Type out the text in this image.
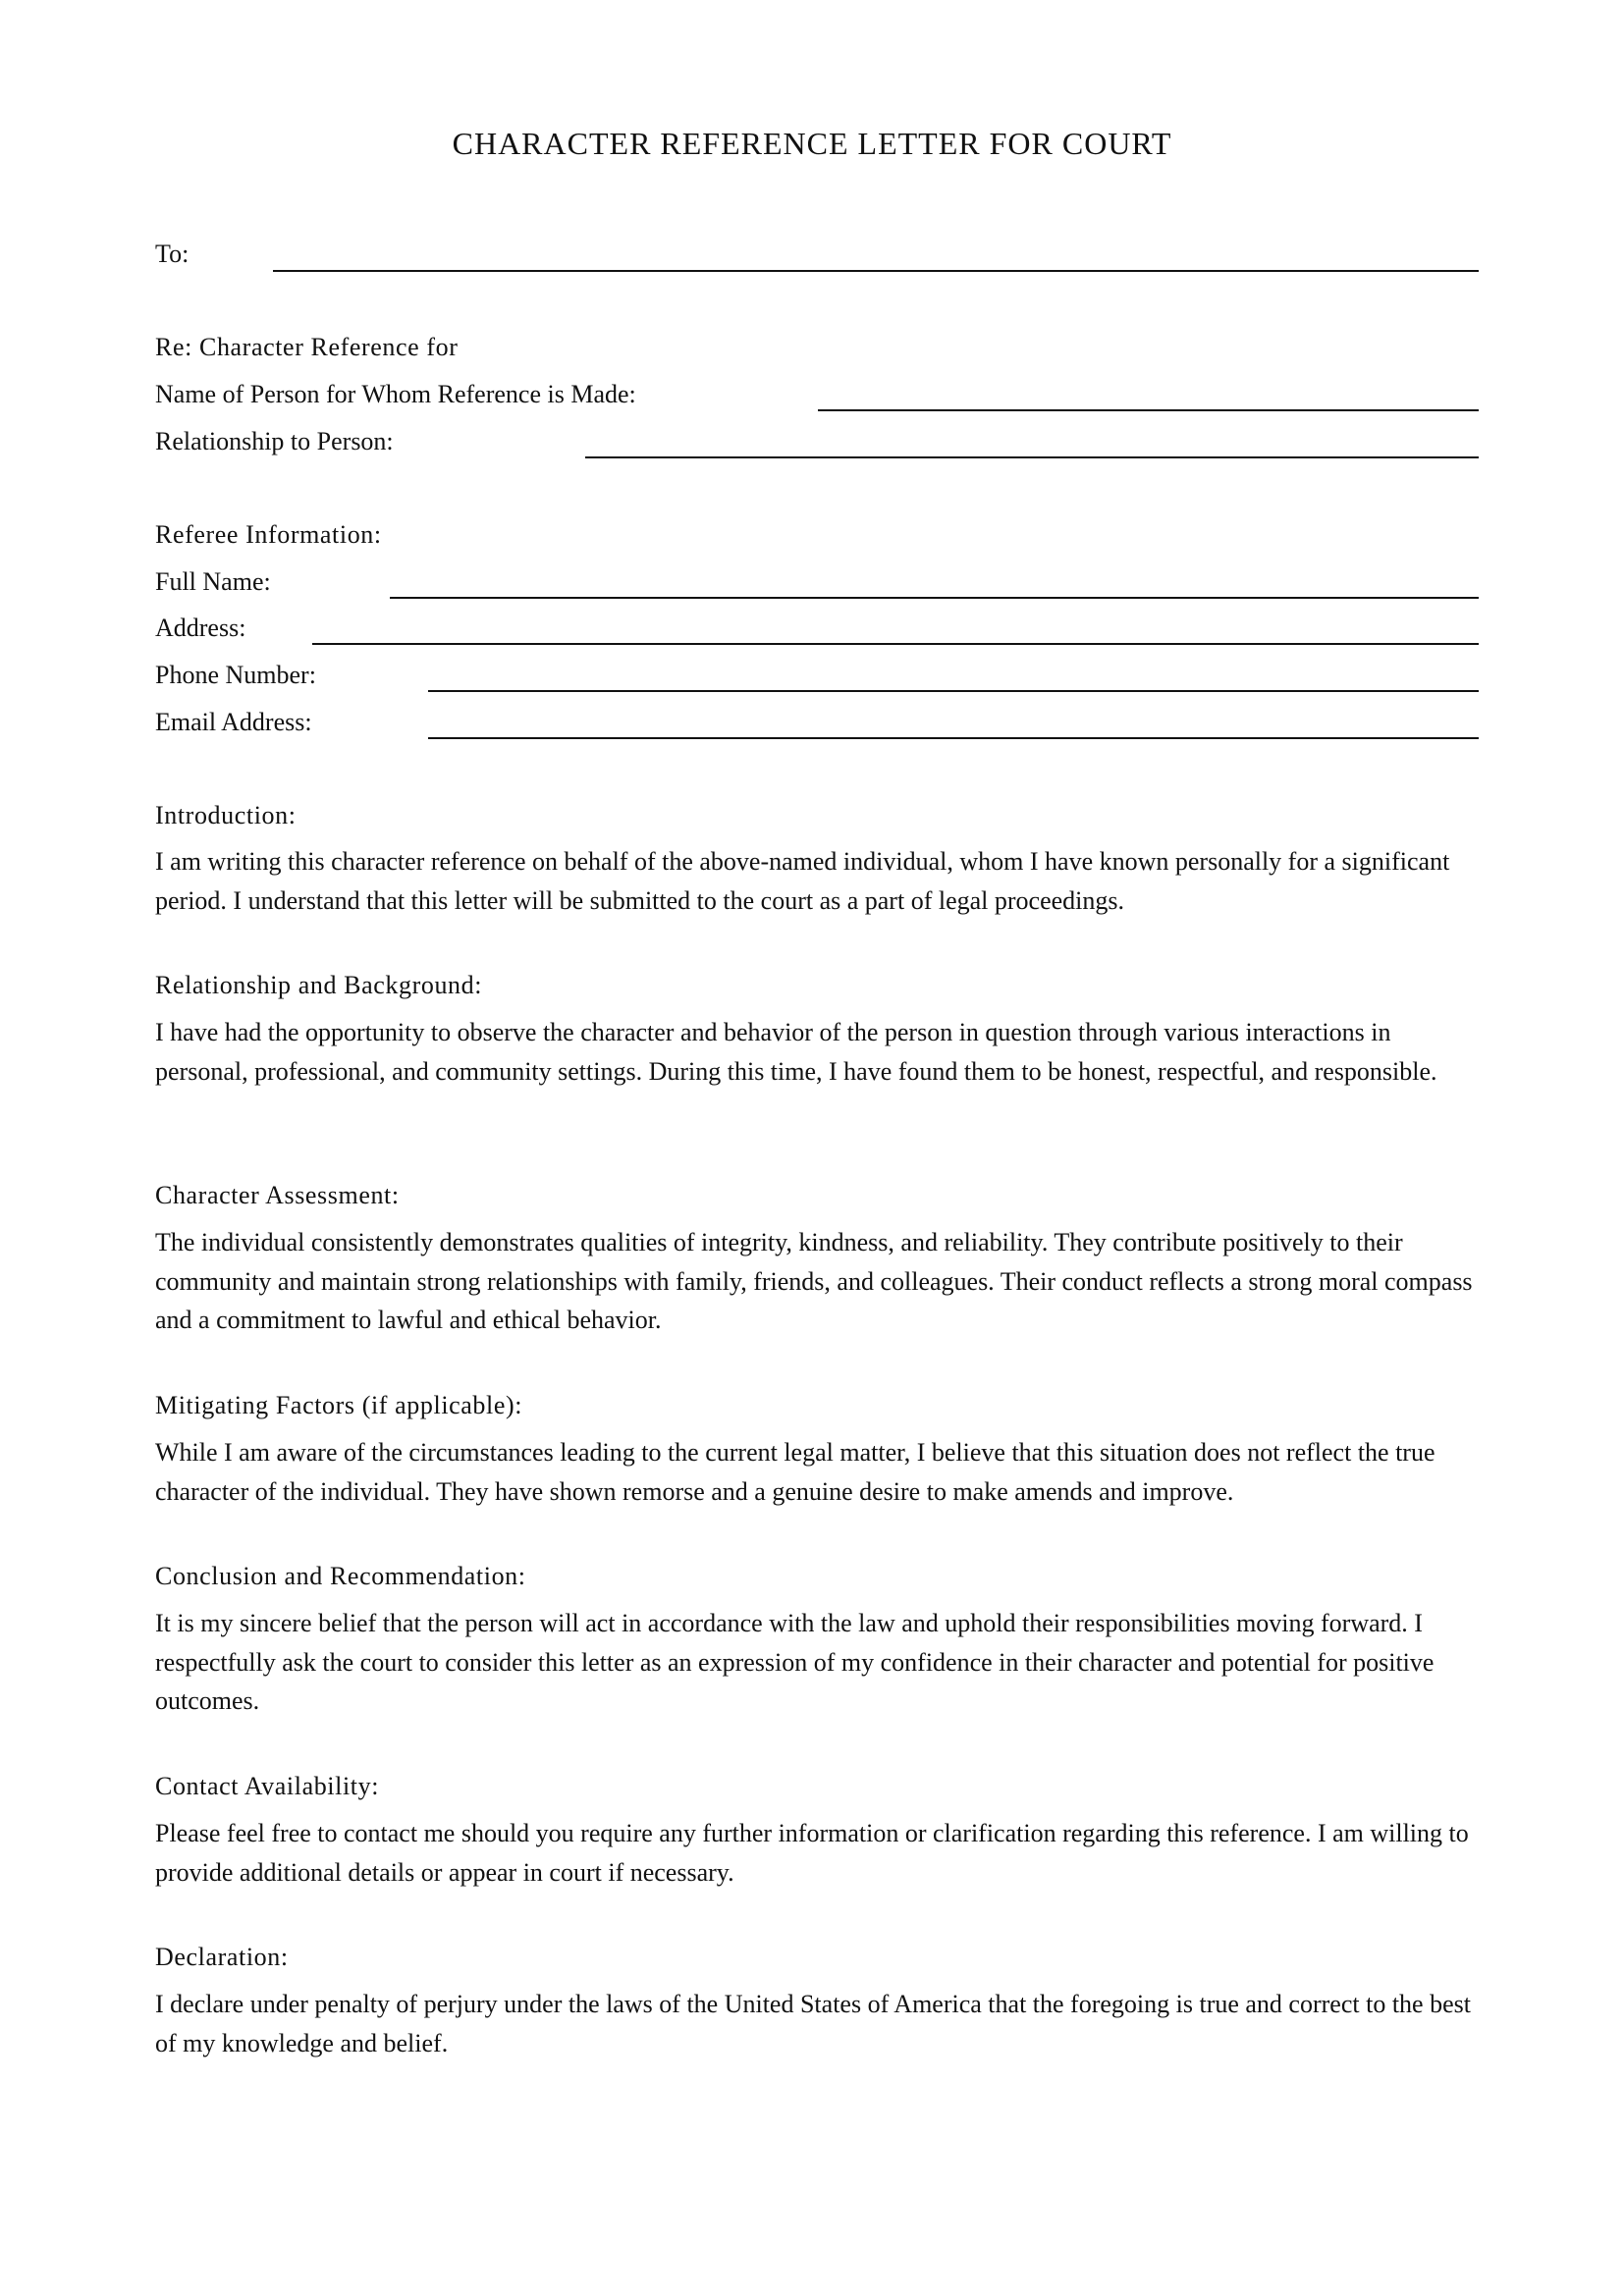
CHARACTER REFERENCE LETTER FOR COURT
To:
Re: Character Reference for
Name of Person for Whom Reference is Made:
Relationship to Person:
Referee Information:
Full Name:
Address:
Phone Number:
Email Address:
Introduction:
I am writing this character reference on behalf of the above-named individual, whom I have known personally for a significant period. I understand that this letter will be submitted to the court as a part of legal proceedings.
Relationship and Background:
I have had the opportunity to observe the character and behavior of the person in question through various interactions in personal, professional, and community settings. During this time, I have found them to be honest, respectful, and responsible.
Character Assessment:
The individual consistently demonstrates qualities of integrity, kindness, and reliability. They contribute positively to their community and maintain strong relationships with family, friends, and colleagues. Their conduct reflects a strong moral compass and a commitment to lawful and ethical behavior.
Mitigating Factors (if applicable):
While I am aware of the circumstances leading to the current legal matter, I believe that this situation does not reflect the true character of the individual. They have shown remorse and a genuine desire to make amends and improve.
Conclusion and Recommendation:
It is my sincere belief that the person will act in accordance with the law and uphold their responsibilities moving forward. I respectfully ask the court to consider this letter as an expression of my confidence in their character and potential for positive outcomes.
Contact Availability:
Please feel free to contact me should you require any further information or clarification regarding this reference. I am willing to provide additional details or appear in court if necessary.
Declaration:
I declare under penalty of perjury under the laws of the United States of America that the foregoing is true and correct to the best of my knowledge and belief.
